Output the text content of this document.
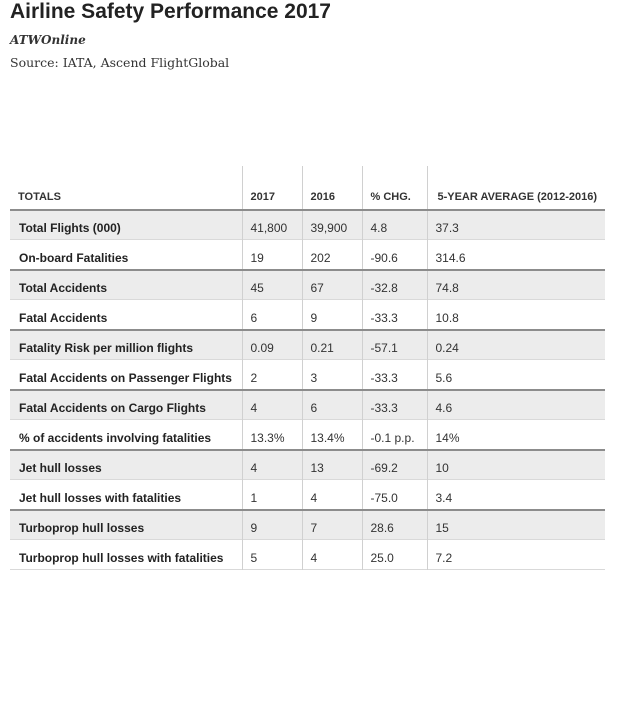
Airline Safety Performance 2017
ATWOnline
Source: IATA, Ascend FlightGlobal
TOTALS	2017	2016	% CHG.	5-YEAR AVERAGE (2012-2016)
Total Flights (000)	41,800	39,900	4.8	37.3
On-board Fatalities	19	202	-90.6	314.6
Total Accidents	45	67	-32.8	74.8
Fatal Accidents	6	9	-33.3	10.8
Fatality Risk per million flights	0.09	0.21	-57.1	0.24
Fatal Accidents on Passenger Flights	2	3	-33.3	5.6
Fatal Accidents on Cargo Flights	4	6	-33.3	4.6
% of accidents involving fatalities	13.3%	13.4%	-0.1 p.p.	14%
Jet hull losses	4	13	-69.2	10
Jet hull losses with fatalities	1	4	-75.0	3.4
Turboprop hull losses	9	7	28.6	15
Turboprop hull losses with fatalities	5	4	25.0	7.2
